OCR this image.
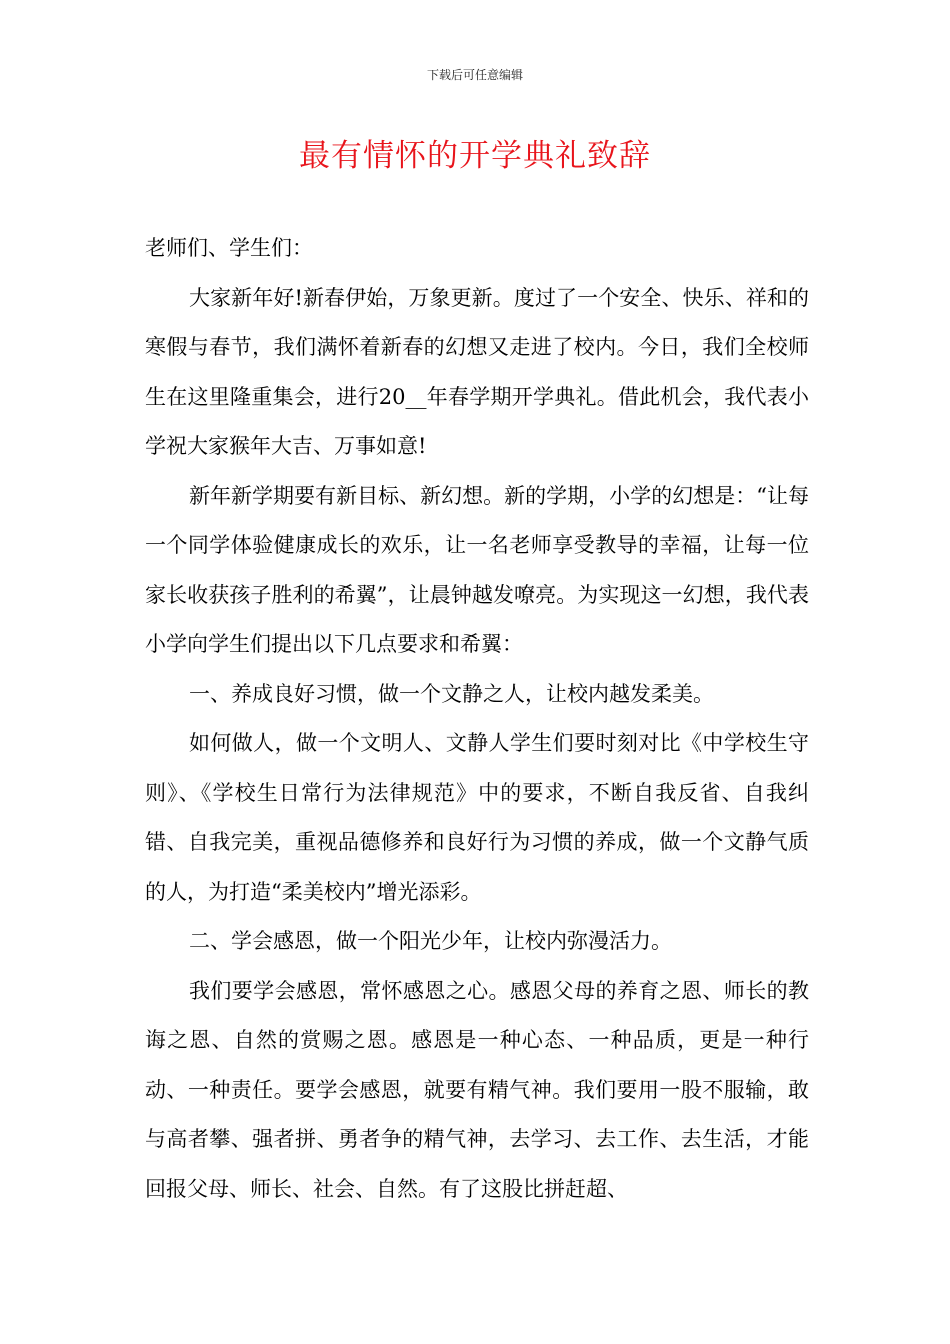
下载后可任意编辑
最有情怀的开学典礼致辞

老师们、学生们：

大家新年好!新春伊始，万象更新。度过了一个安全、快乐、祥和的寒假与春节，我们满怀着新春的幻想又走进了校内。今日，我们全校师生在这里隆重集会，进行20__年春学期开学典礼。借此机会，我代表小学祝大家猴年大吉、万事如意!

新年新学期要有新目标、新幻想。新的学期，小学的幻想是：“让每一个同学体验健康成长的欢乐，让一名老师享受教导的幸福，让每一位家长收获孩子胜利的希翼”，让晨钟越发嘹亮。为实现这一幻想，我代表小学向学生们提出以下几点要求和希翼：

一、养成良好习惯，做一个文静之人，让校内越发柔美。

如何做人，做一个文明人、文静人学生们要时刻对比《中学校生守则》、《学校生日常行为法律规范》中的要求，不断自我反省、自我纠错、自我完美，重视品德修养和良好行为习惯的养成，做一个文静气质的人，为打造“柔美校内”增光添彩。

二、学会感恩，做一个阳光少年，让校内弥漫活力。

我们要学会感恩，常怀感恩之心。感恩父母的养育之恩、师长的教诲之恩、自然的赏赐之恩。感恩是一种心态、一种品质，更是一种行动、一种责任。要学会感恩，就要有精气神。我们要用一股不服输，敢与高者攀、强者拼、勇者争的精气神，去学习、去工作、去生活，才能回报父母、师长、社会、自然。有了这股比拼赶超、
